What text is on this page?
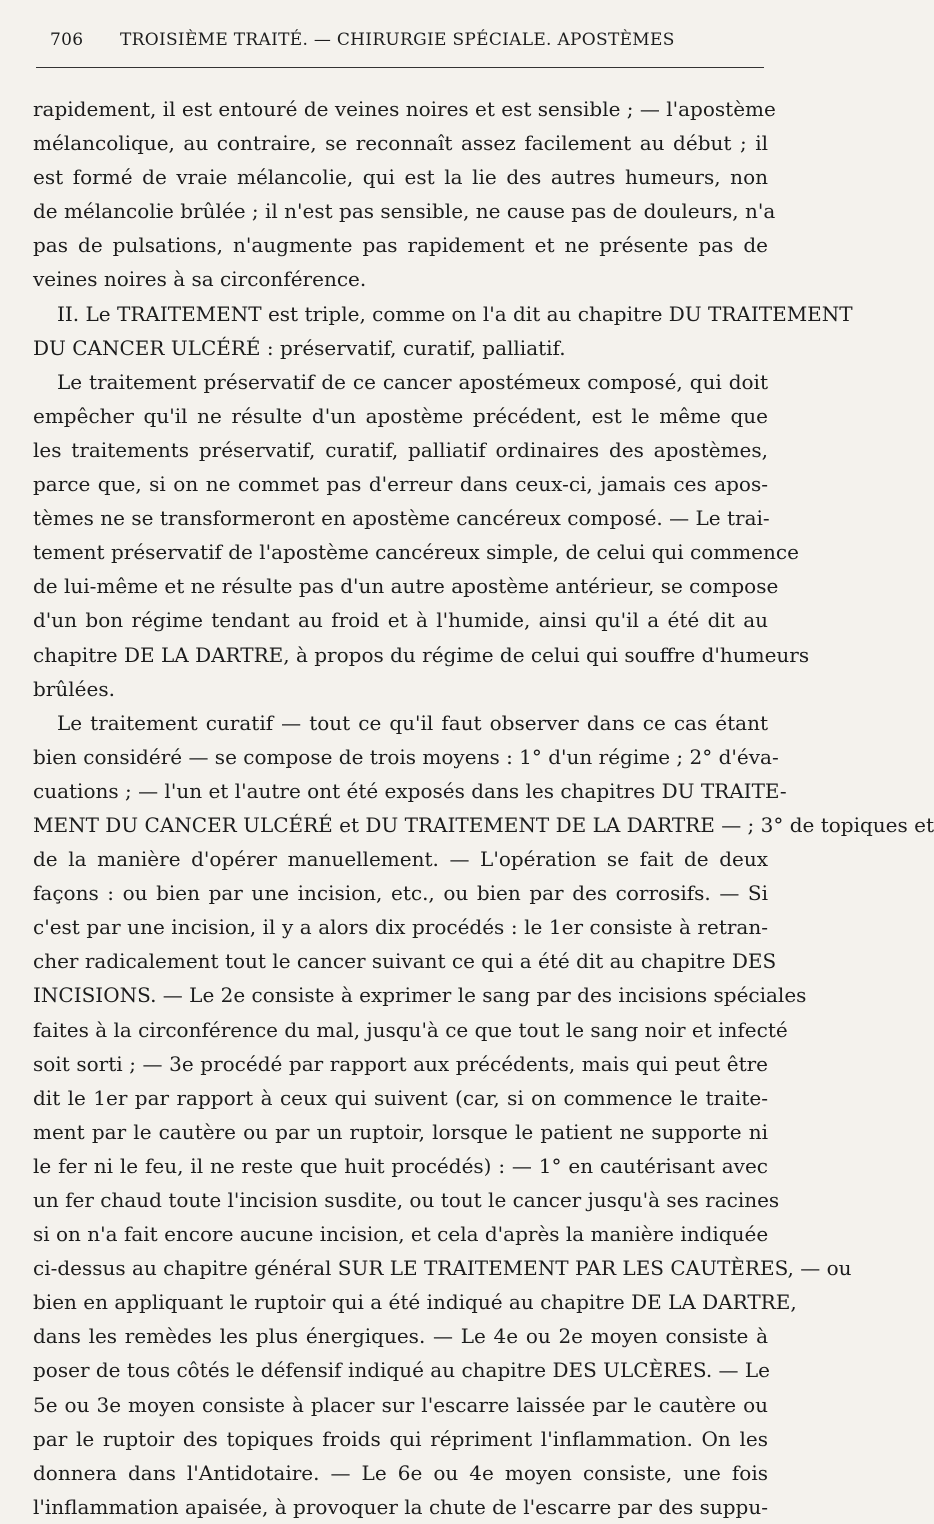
706 TROISIÈME TRAITÉ. — CHIRURGIE SPÉCIALE. APOSTÈMES
rapidement, il est entouré de veines noires et est sensible ; — l'apostème
mélancolique, au contraire, se reconnaît assez facilement au début ; il
est formé de vraie mélancolie, qui est la lie des autres humeurs, non
de mélancolie brûlée ; il n'est pas sensible, ne cause pas de douleurs, n'a
pas de pulsations, n'augmente pas rapidement et ne présente pas de
veines noires à sa circonférence.
II. Le TRAITEMENT est triple, comme on l'a dit au chapitre DU TRAITEMENT
DU CANCER ULCÉRÉ : préservatif, curatif, palliatif.
Le traitement préservatif de ce cancer apostémeux composé, qui doit
empêcher qu'il ne résulte d'un apostème précédent, est le même que
les traitements préservatif, curatif, palliatif ordinaires des apostèmes,
parce que, si on ne commet pas d'erreur dans ceux-ci, jamais ces apos-
tèmes ne se transformeront en apostème cancéreux composé. — Le trai-
tement préservatif de l'apostème cancéreux simple, de celui qui commence
de lui-même et ne résulte pas d'un autre apostème antérieur, se compose
d'un bon régime tendant au froid et à l'humide, ainsi qu'il a été dit au
chapitre DE LA DARTRE, à propos du régime de celui qui souffre d'humeurs
brûlées.
Le traitement curatif — tout ce qu'il faut observer dans ce cas étant
bien considéré — se compose de trois moyens : 1° d'un régime ; 2° d'éva-
cuations ; — l'un et l'autre ont été exposés dans les chapitres DU TRAITE-
MENT DU CANCER ULCÉRÉ et DU TRAITEMENT DE LA DARTRE — ; 3° de topiques et
de la manière d'opérer manuellement. — L'opération se fait de deux
façons : ou bien par une incision, etc., ou bien par des corrosifs. — Si
c'est par une incision, il y a alors dix procédés : le 1er consiste à retran-
cher radicalement tout le cancer suivant ce qui a été dit au chapitre DES
INCISIONS. — Le 2e consiste à exprimer le sang par des incisions spéciales
faites à la circonférence du mal, jusqu'à ce que tout le sang noir et infecté
soit sorti ; — 3e procédé par rapport aux précédents, mais qui peut être
dit le 1er par rapport à ceux qui suivent (car, si on commence le traite-
ment par le cautère ou par un ruptoir, lorsque le patient ne supporte ni
le fer ni le feu, il ne reste que huit procédés) : — 1° en cautérisant avec
un fer chaud toute l'incision susdite, ou tout le cancer jusqu'à ses racines
si on n'a fait encore aucune incision, et cela d'après la manière indiquée
ci-dessus au chapitre général SUR LE TRAITEMENT PAR LES CAUTÈRES, — ou
bien en appliquant le ruptoir qui a été indiqué au chapitre DE LA DARTRE,
dans les remèdes les plus énergiques. — Le 4e ou 2e moyen consiste à
poser de tous côtés le défensif indiqué au chapitre DES ULCÈRES. — Le
5e ou 3e moyen consiste à placer sur l'escarre laissée par le cautère ou
par le ruptoir des topiques froids qui répriment l'inflammation. On les
donnera dans l'Antidotaire. — Le 6e ou 4e moyen consiste, une fois
l'inflammation apaisée, à provoquer la chute de l'escarre par des suppu-
